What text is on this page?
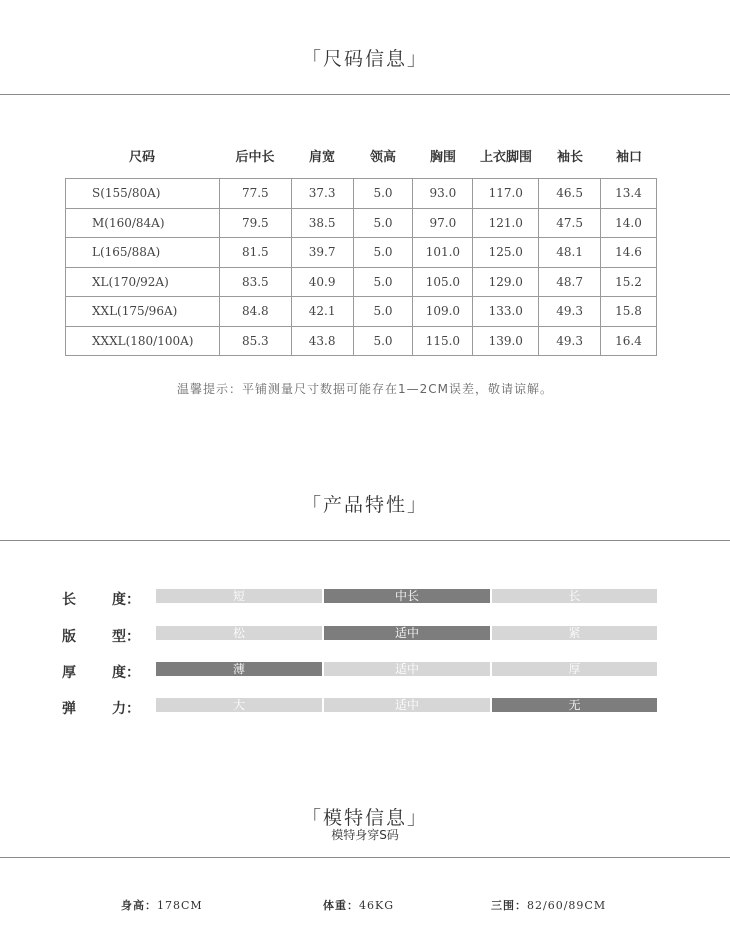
「尺码信息」
尺码	后中长	肩宽	领高	胸围	上衣脚围	袖长	袖口
S(155/80A)	77.5	37.3	5.0	93.0	117.0	46.5	13.4
M(160/84A)	79.5	38.5	5.0	97.0	121.0	47.5	14.0
L(165/88A)	81.5	39.7	5.0	101.0	125.0	48.1	14.6
XL(170/92A)	83.5	40.9	5.0	105.0	129.0	48.7	15.2
XXL(175/96A)	84.8	42.1	5.0	109.0	133.0	49.3	15.8
XXXL(180/100A)	85.3	43.8	5.0	115.0	139.0	49.3	16.4
温馨提示：平铺测量尺寸数据可能存在1—2CM误差，敬请谅解。
「产品特性」
长	度：	短	中长	长
版	型：	松	适中	紧
厚	度：	薄	适中	厚
弹	力：	大	适中	无
「模特信息」
模特身穿S码
身高：178CM	体重：46KG	三围：82/60/89CM
